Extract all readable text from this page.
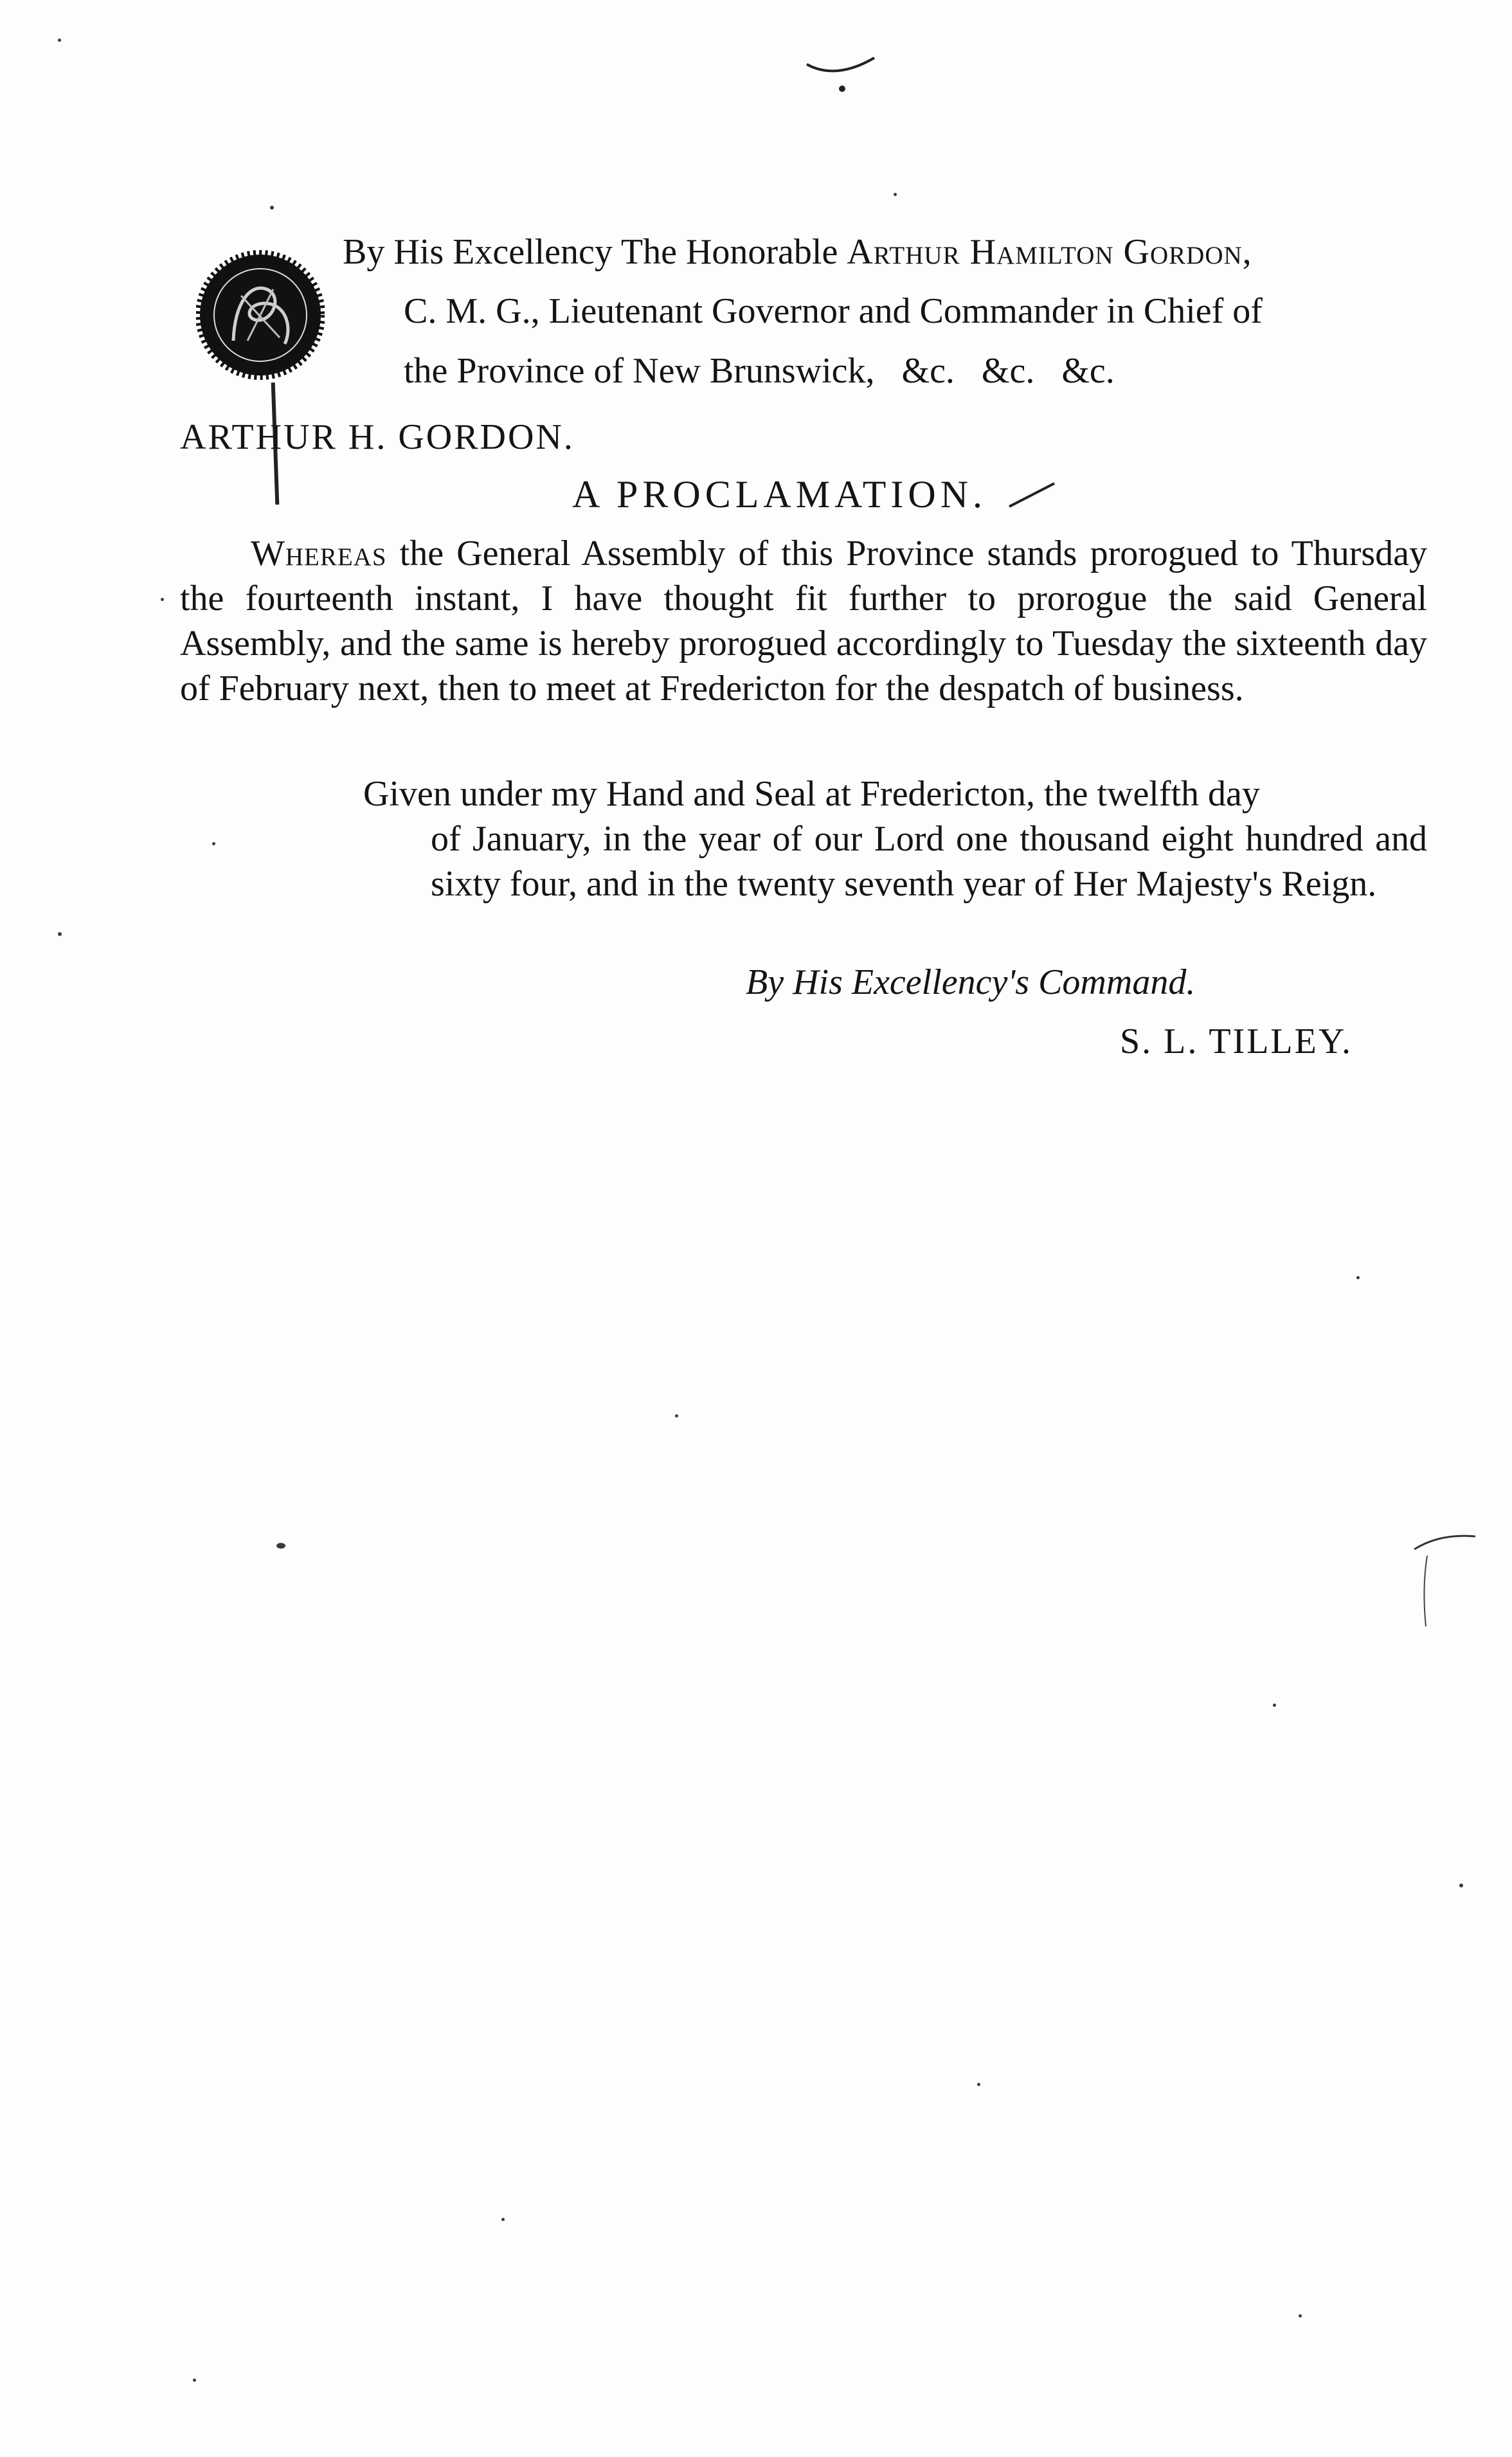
By His Excellency The Honorable Arthur Hamilton Gordon,
C. M. G., Lieutenant Governor and Commander in Chief of
the Province of New Brunswick,   &c.   &c.   &c.
ARTHUR H. GORDON.
A PROCLAMATION.
Whereas the General Assembly of this Province stands prorogued to Thursday the fourteenth instant, I have thought fit further to prorogue the said General Assembly, and the same is hereby prorogued accordingly to Tuesday the sixteenth day of February next, then to meet at Fredericton for the despatch of business.
Given under my Hand and Seal at Fredericton, the twelfth day
of January, in the year of our Lord one thousand eight hundred and sixty four, and in the twenty seventh year of Her Majesty's Reign.
By His Excellency's Command.
S. L. TILLEY.
